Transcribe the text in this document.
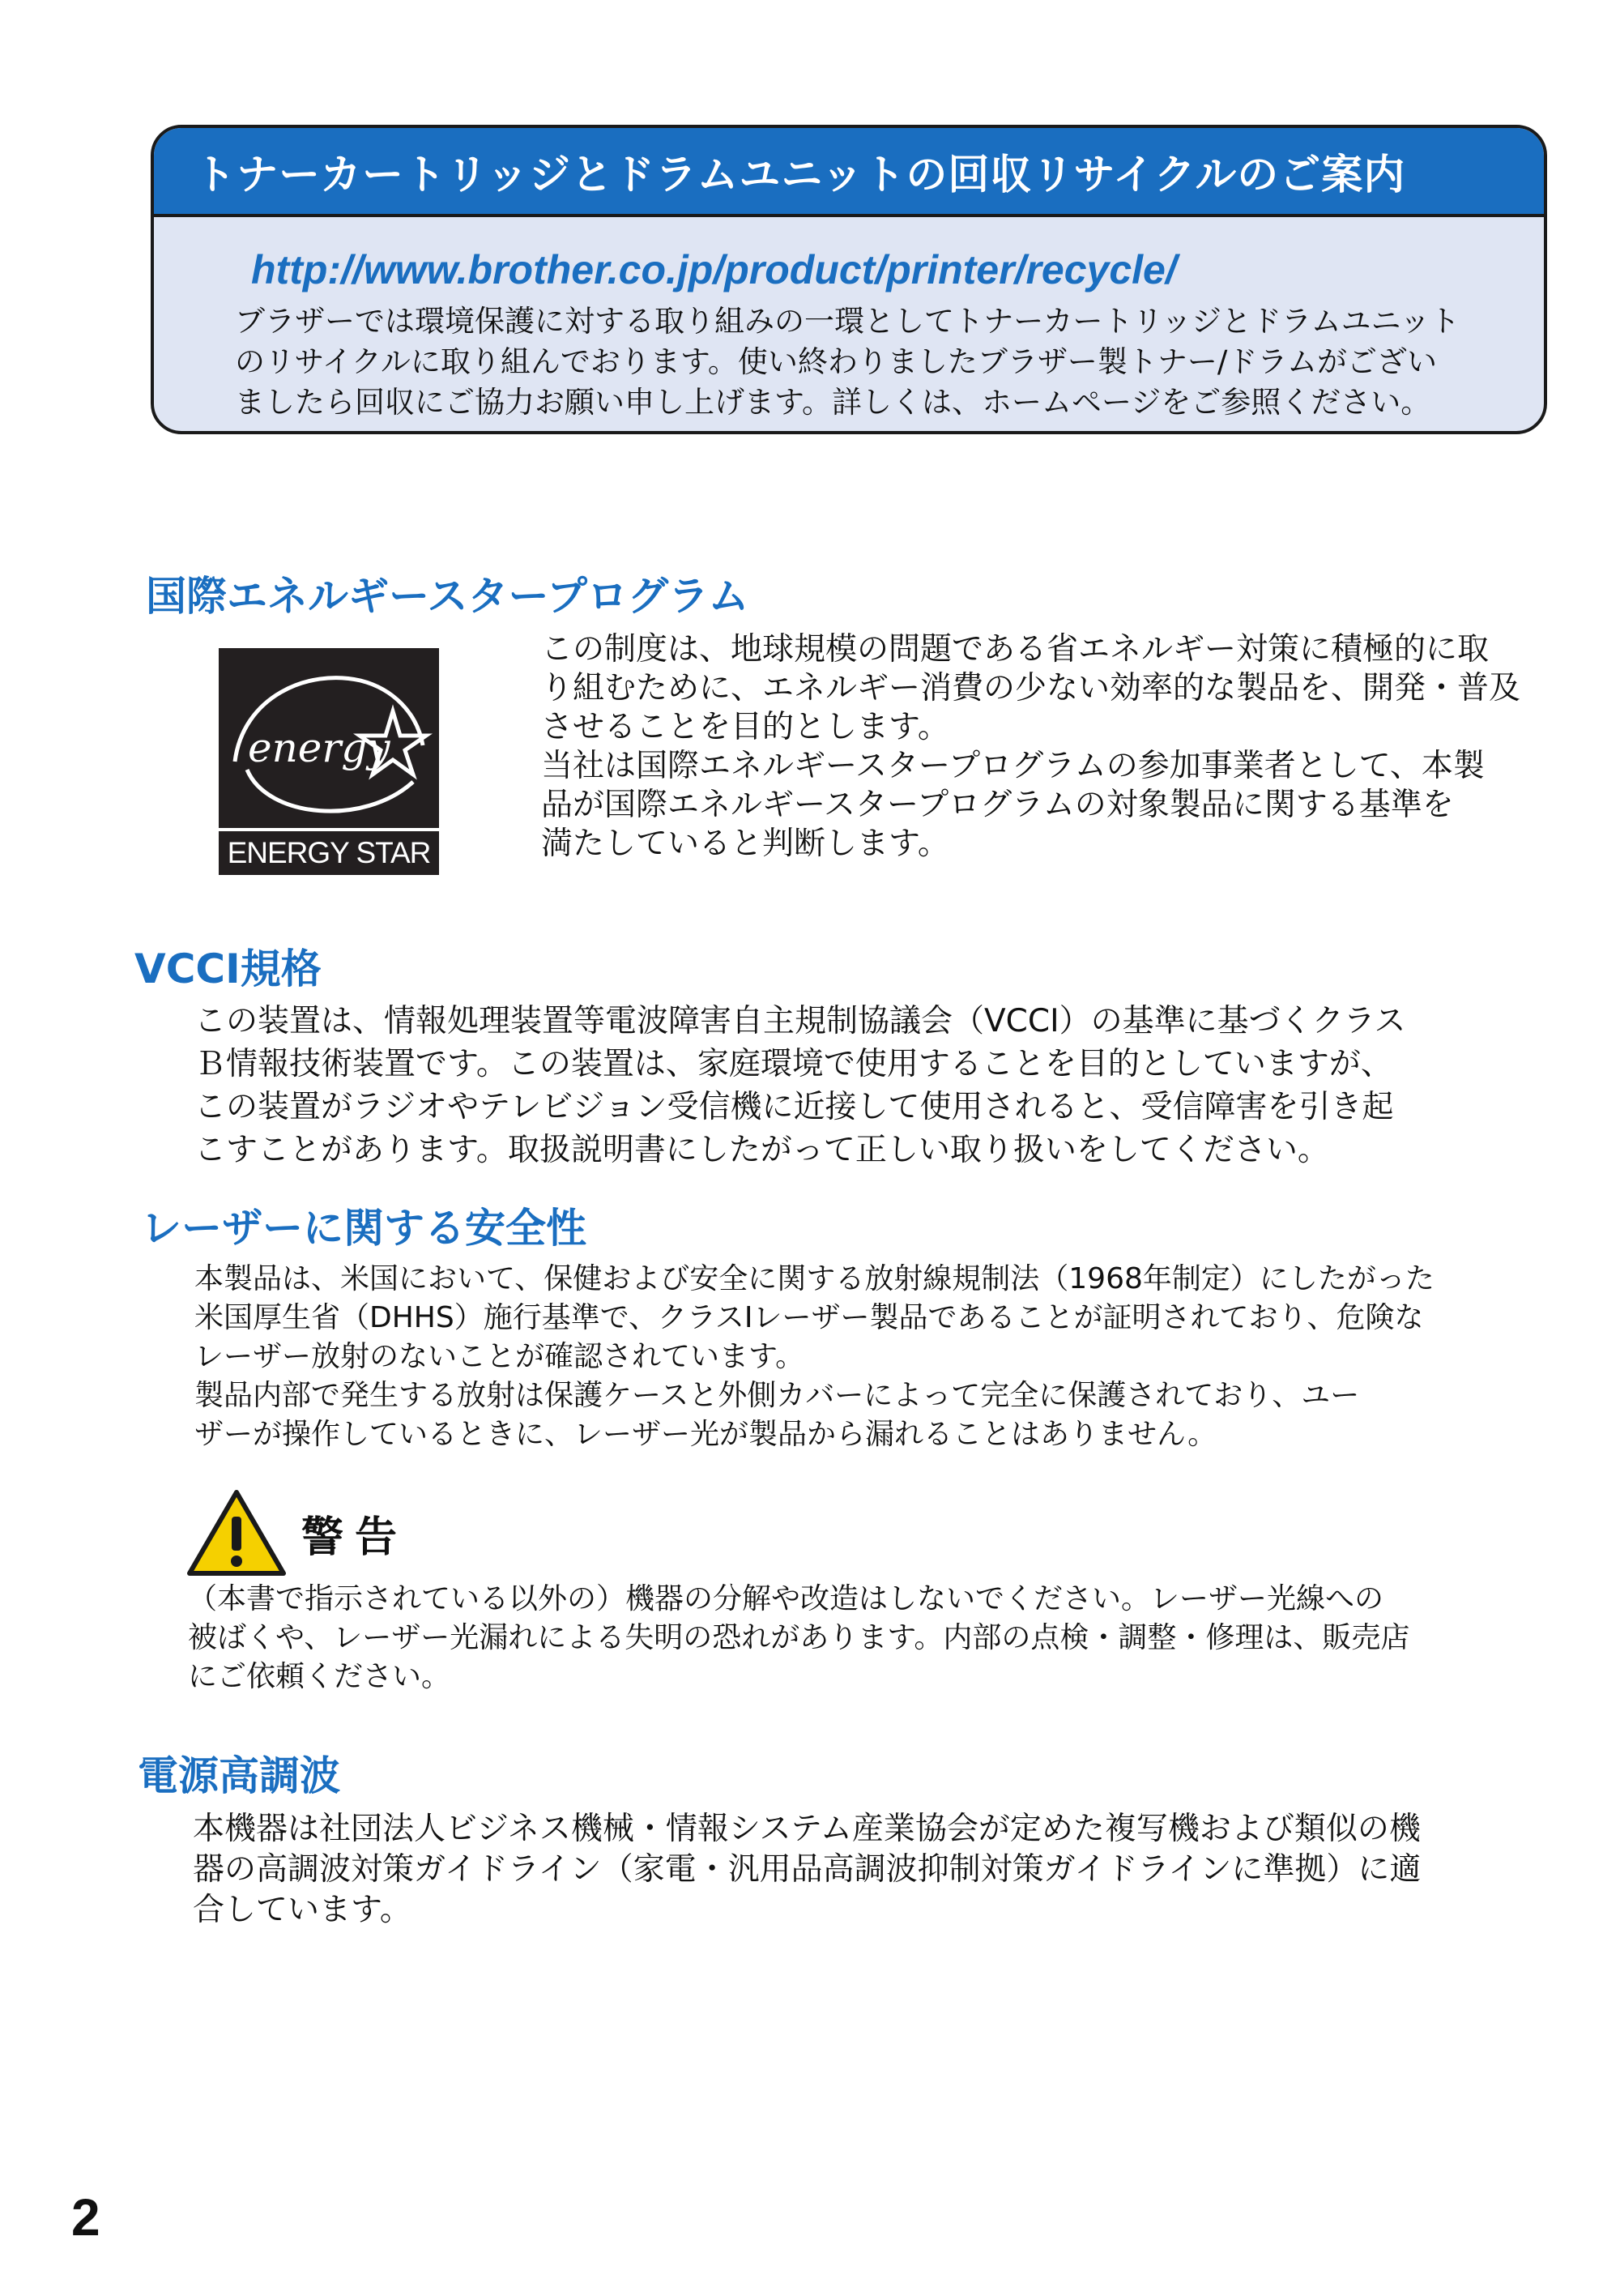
トナーカートリッジとドラムユニットの回収リサイクルのご案内
http://www.brother.co.jp/product/printer/recycle/
ブラザーでは環境保護に対する取り組みの一環としてトナーカートリッジとドラムユニット
のリサイクルに取り組んでおります。使い終わりましたブラザー製トナー/ドラムがござい
ましたら回収にご協力お願い申し上げます。詳しくは、ホームページをご参照ください。
国際エネルギースタープログラム
energy
ENERGY STAR
この制度は、地球規模の問題である省エネルギー対策に積極的に取
り組むために、エネルギー消費の少ない効率的な製品を、開発・普及
させることを目的とします。
当社は国際エネルギースタープログラムの参加事業者として、本製
品が国際エネルギースタープログラムの対象製品に関する基準を
満たしていると判断します。
VCCI規格
この装置は、情報処理装置等電波障害自主規制協議会（VCCI）の基準に基づくクラス
Ｂ情報技術装置です。この装置は、家庭環境で使用することを目的としていますが、
この装置がラジオやテレビジョン受信機に近接して使用されると、受信障害を引き起
こすことがあります。取扱説明書にしたがって正しい取り扱いをしてください。
レーザーに関する安全性
本製品は、米国において、保健および安全に関する放射線規制法（1968年制定）にしたがった
米国厚生省（DHHS）施行基準で、クラスⅠレーザー製品であることが証明されており、危険な
レーザー放射のないことが確認されています。
製品内部で発生する放射は保護ケースと外側カバーによって完全に保護されており、ユー
ザーが操作しているときに、レーザー光が製品から漏れることはありません。
警告
（本書で指示されている以外の）機器の分解や改造はしないでください。レーザー光線への
被ばくや、レーザー光漏れによる失明の恐れがあります。内部の点検・調整・修理は、販売店
にご依頼ください。
電源高調波
本機器は社団法人ビジネス機械・情報システム産業協会が定めた複写機および類似の機
器の高調波対策ガイドライン（家電・汎用品高調波抑制対策ガイドラインに準拠）に適
合しています。
2
